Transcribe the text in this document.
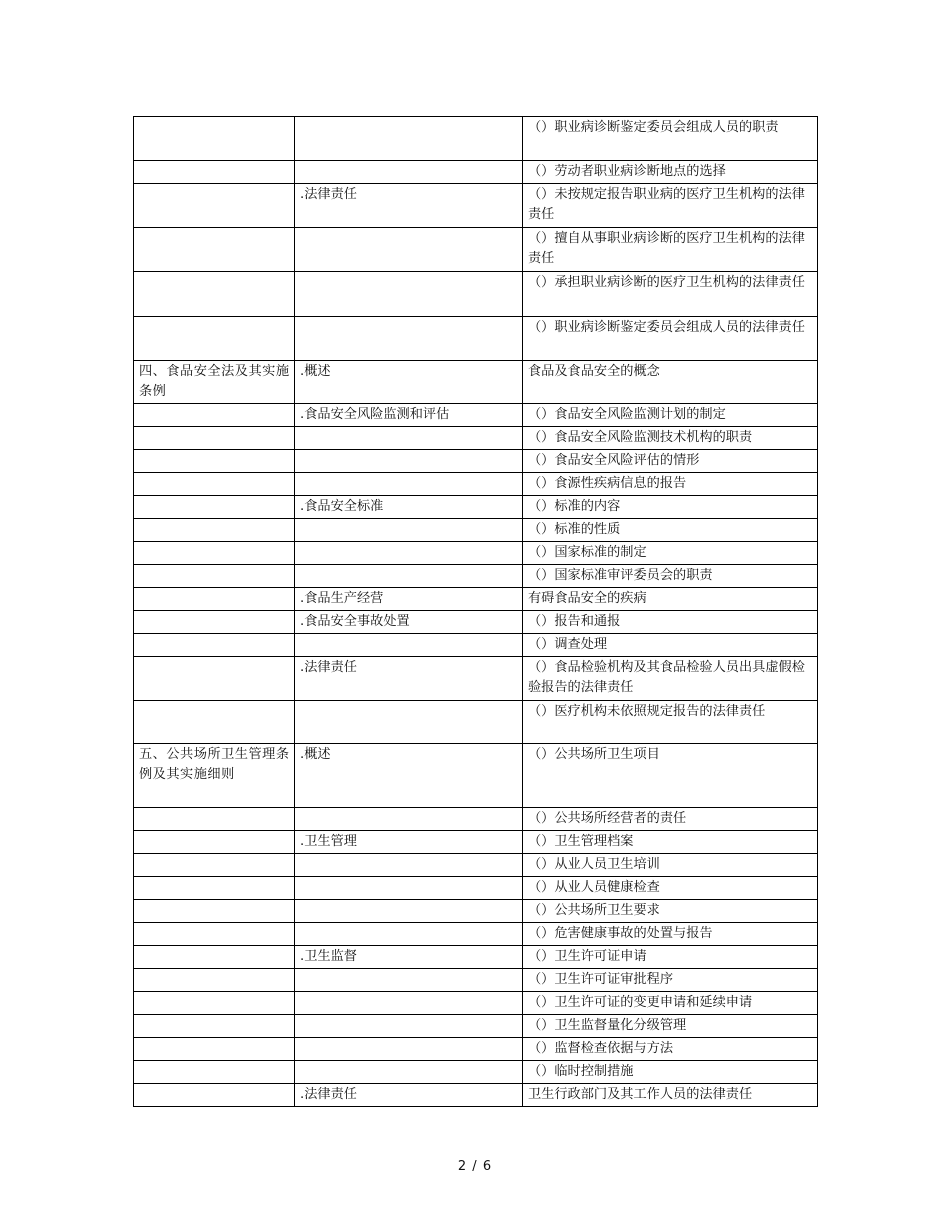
		（）职业病诊断鉴定委员会组成人员的职责
		（）劳动者职业病诊断地点的选择
	.法律责任	（）未按规定报告职业病的医疗卫生机构的法律责任
		（）擅自从事职业病诊断的医疗卫生机构的法律责任
		（）承担职业病诊断的医疗卫生机构的法律责任
		（）职业病诊断鉴定委员会组成人员的法律责任
四、食品安全法及其实施条例	.概述	食品及食品安全的概念
	.食品安全风险监测和评估	（）食品安全风险监测计划的制定
		（）食品安全风险监测技术机构的职责
		（）食品安全风险评估的情形
		（）食源性疾病信息的报告
	.食品安全标准	（）标准的内容
		（）标准的性质
		（）国家标准的制定
		（）国家标准审评委员会的职责
	.食品生产经营	有碍食品安全的疾病
	.食品安全事故处置	（）报告和通报
		（）调查处理
	.法律责任	（）食品检验机构及其食品检验人员出具虚假检验报告的法律责任
		（）医疗机构未依照规定报告的法律责任
五、公共场所卫生管理条例及其实施细则	.概述	（）公共场所卫生项目
		（）公共场所经营者的责任
	.卫生管理	（）卫生管理档案
		（）从业人员卫生培训
		（）从业人员健康检查
		（）公共场所卫生要求
		（）危害健康事故的处置与报告
	.卫生监督	（）卫生许可证申请
		（）卫生许可证审批程序
		（）卫生许可证的变更申请和延续申请
		（）卫生监督量化分级管理
		（）监督检查依据与方法
		（）临时控制措施
	.法律责任	卫生行政部门及其工作人员的法律责任
2 / 6
